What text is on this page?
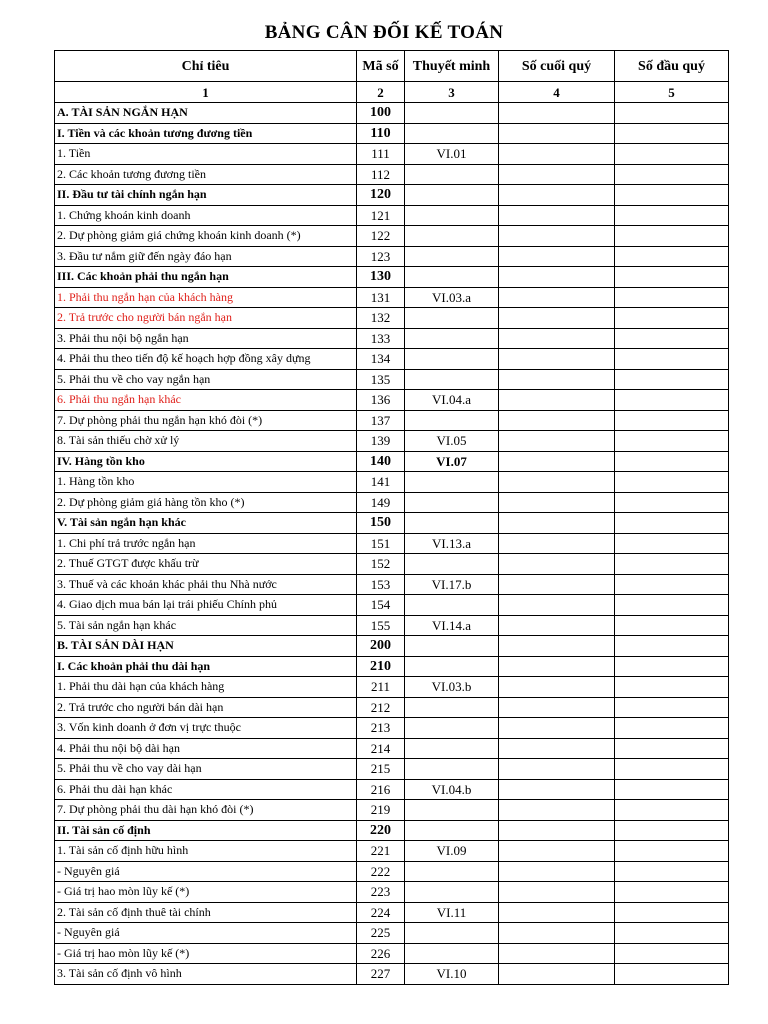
BẢNG CÂN ĐỐI KẾ TOÁN
Chỉ tiêu	Mã số	Thuyết minh	Số cuối quý	Số đầu quý
1	2	3	4	5
A. TÀI SẢN NGẮN HẠN	100			
I. Tiền và các khoản tương đương tiền	110			
1. Tiền	111	VI.01		
2. Các khoản tương đương tiền	112			
II. Đầu tư tài chính ngắn hạn	120			
1. Chứng khoán kinh doanh	121			
2. Dự phòng giảm giá chứng khoán kinh doanh (*)	122			
3. Đầu tư nắm giữ đến ngày đáo hạn	123			
III. Các khoản phải thu ngắn hạn	130			
1. Phải thu ngắn hạn của khách hàng	131	VI.03.a		
2. Trả trước cho người bán ngắn hạn	132			
3. Phải thu nội bộ ngắn hạn	133			
4. Phải thu theo tiến độ kế hoạch hợp đồng xây dựng	134			
5. Phải thu về cho vay ngắn hạn	135			
6. Phải thu ngắn hạn khác	136	VI.04.a		
7. Dự phòng phải thu ngắn hạn khó đòi (*)	137			
8. Tài sản thiếu chờ xử lý	139	VI.05		
IV. Hàng tồn kho	140	VI.07		
1. Hàng tồn kho	141			
2. Dự phòng giảm giá hàng tồn kho (*)	149			
V. Tài sản ngắn hạn khác	150			
1. Chi phí trả trước ngắn hạn	151	VI.13.a		
2. Thuế GTGT được khấu trừ	152			
3. Thuế và các khoản khác phải thu Nhà nước	153	VI.17.b		
4. Giao dịch mua bán lại trái phiếu Chính phủ	154			
5. Tài sản ngắn hạn khác	155	VI.14.a		
B. TÀI SẢN DÀI HẠN	200			
I. Các khoản phải thu dài hạn	210			
1. Phải thu dài hạn của khách hàng	211	VI.03.b		
2. Trả trước cho người bán dài hạn	212			
3. Vốn kinh doanh ở đơn vị trực thuộc	213			
4. Phải thu nội bộ dài hạn	214			
5. Phải thu về cho vay dài hạn	215			
6. Phải thu dài hạn khác	216	VI.04.b		
7. Dự phòng phải thu dài hạn khó đòi (*)	219			
II. Tài sản cố định	220			
1. Tài sản cố định hữu hình	221	VI.09		
- Nguyên giá	222			
- Giá trị hao mòn lũy kế (*)	223			
2. Tài sản cố định thuê tài chính	224	VI.11		
- Nguyên giá	225			
- Giá trị hao mòn lũy kế (*)	226			
3. Tài sản cố định vô hình	227	VI.10		
